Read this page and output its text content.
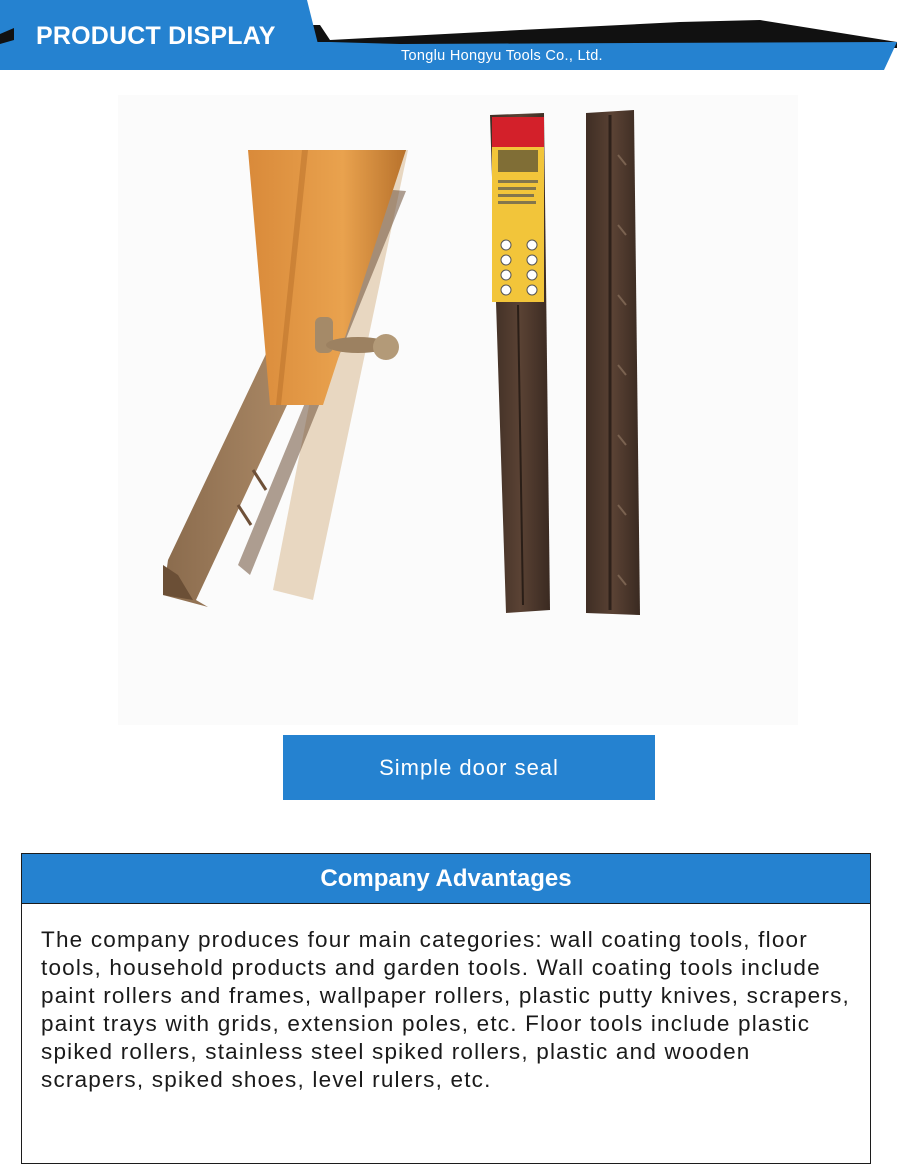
PRODUCT DISPLAY
Tonglu Hongyu Tools Co., Ltd.
Simple door seal
Company Advantages

The company produces four main categories: wall coating tools, floor tools, household products and garden tools. Wall coating tools include paint rollers and frames, wallpaper rollers, plastic putty knives, scrapers, paint trays with grids, extension poles, etc. Floor tools include plastic spiked rollers, stainless steel spiked rollers, plastic and wooden scrapers, spiked shoes, level rulers, etc.
